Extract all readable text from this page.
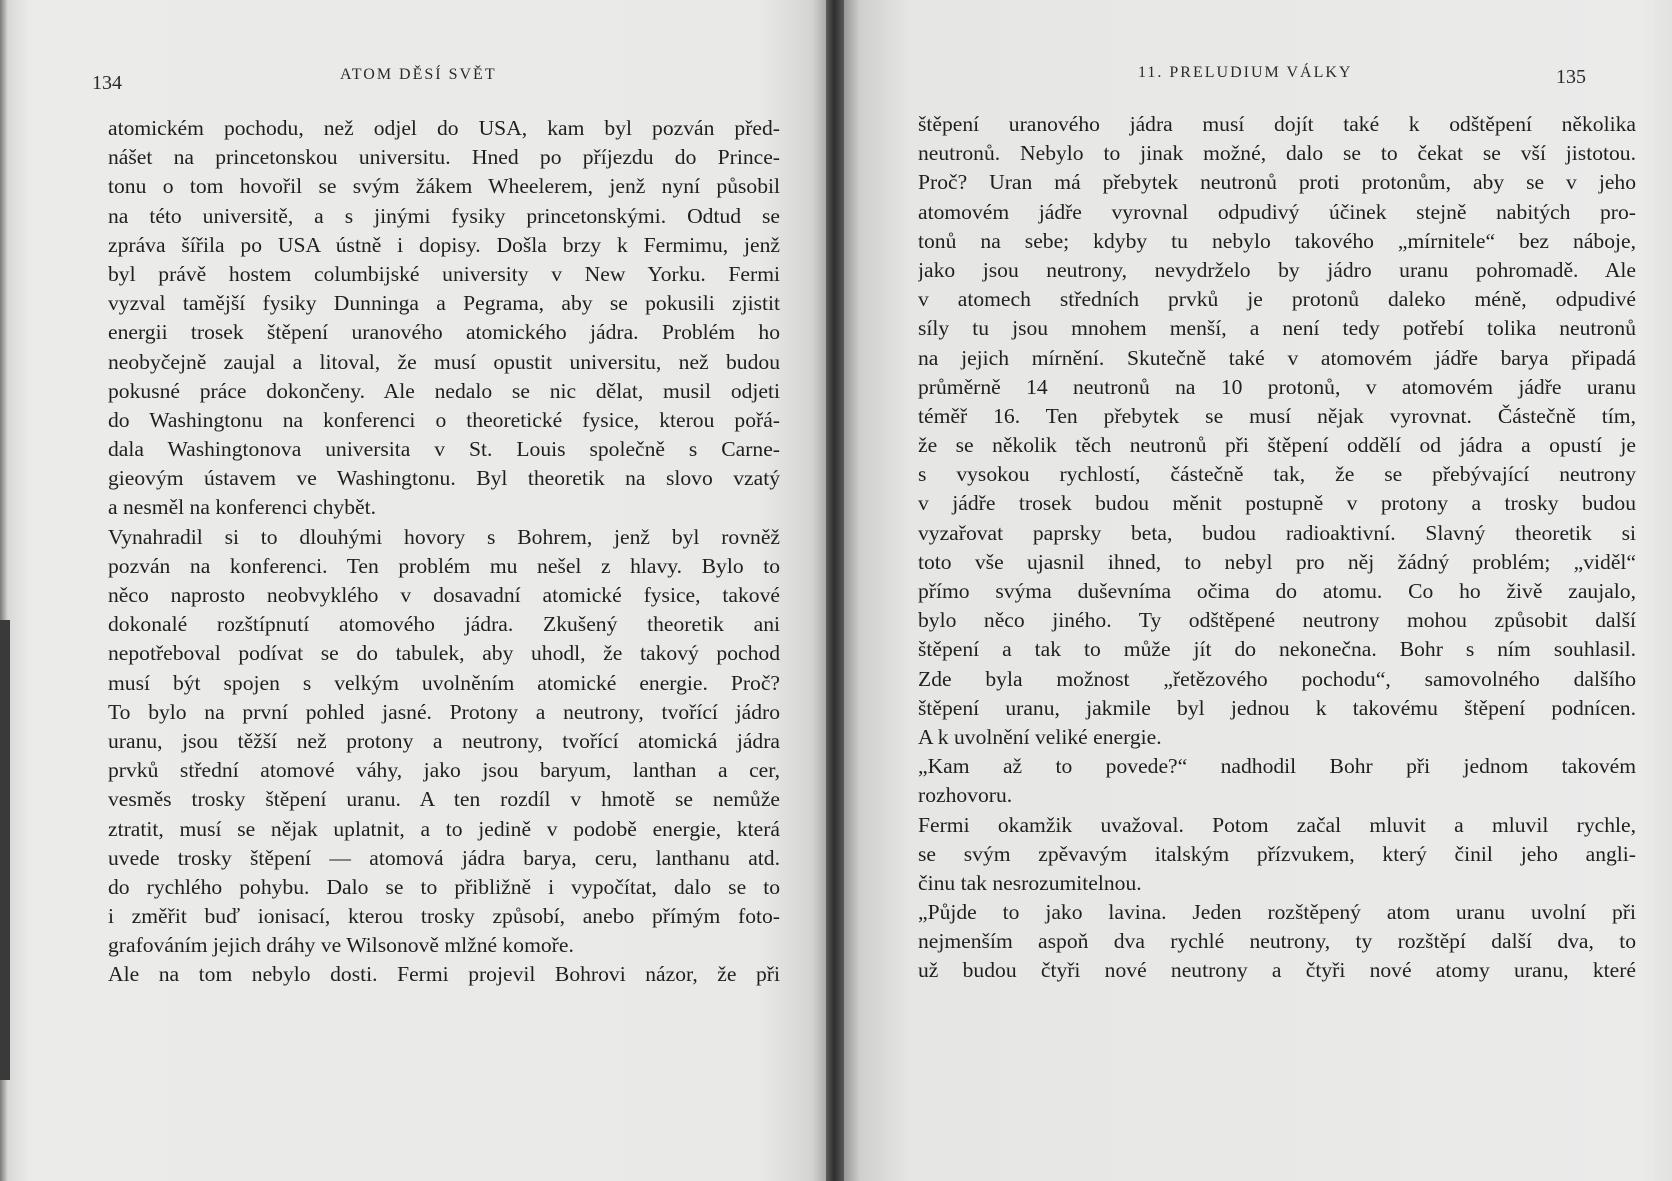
134	ATOM DĚSÍ SVĚT
atomickém pochodu, než odjel do USA, kam byl pozván před-
nášet na princetonskou universitu. Hned po příjezdu do Prince-
tonu o tom hovořil se svým žákem Wheelerem, jenž nyní působil
na této universitě, a s jinými fysiky princetonskými. Odtud se
zpráva šířila po USA ústně i dopisy. Došla brzy k Fermimu, jenž
byl právě hostem columbijské university v New Yorku. Fermi
vyzval tamější fysiky Dunninga a Pegrama, aby se pokusili zjistit
energii trosek štěpení uranového atomického jádra. Problém ho
neobyčejně zaujal a litoval, že musí opustit universitu, než budou
pokusné práce dokončeny. Ale nedalo se nic dělat, musil odjeti
do Washingtonu na konferenci o theoretické fysice, kterou pořá-
dala Washingtonova universita v St. Louis společně s Carne-
gieovým ústavem ve Washingtonu. Byl theoretik na slovo vzatý
a nesměl na konferenci chybět.
Vynahradil si to dlouhými hovory s Bohrem, jenž byl rovněž
pozván na konferenci. Ten problém mu nešel z hlavy. Bylo to
něco naprosto neobvyklého v dosavadní atomické fysice, takové
dokonalé rozštípnutí atomového jádra. Zkušený theoretik ani
nepotřeboval podívat se do tabulek, aby uhodl, že takový pochod
musí být spojen s velkým uvolněním atomické energie. Proč?
To bylo na první pohled jasné. Protony a neutrony, tvořící jádro
uranu, jsou těžší než protony a neutrony, tvořící atomická jádra
prvků střední atomové váhy, jako jsou baryum, lanthan a cer,
vesměs trosky štěpení uranu. A ten rozdíl v hmotě se nemůže
ztratit, musí se nějak uplatnit, a to jedině v podobě energie, která
uvede trosky štěpení — atomová jádra barya, ceru, lanthanu atd.
do rychlého pohybu. Dalo se to přibližně i vypočítat, dalo se to
i změřit buď ionisací, kterou trosky způsobí, anebo přímým foto-
grafováním jejich dráhy ve Wilsonově mlžné komoře.
Ale na tom nebylo dosti. Fermi projevil Bohrovi názor, že při
11. PRELUDIUM VÁLKY	135
štěpení uranového jádra musí dojít také k odštěpení několika
neutronů. Nebylo to jinak možné, dalo se to čekat se vší jistotou.
Proč? Uran má přebytek neutronů proti protonům, aby se v jeho
atomovém jádře vyrovnal odpudivý účinek stejně nabitých pro-
tonů na sebe; kdyby tu nebylo takového „mírnitele“ bez náboje,
jako jsou neutrony, nevydrželo by jádro uranu pohromadě. Ale
v atomech středních prvků je protonů daleko méně, odpudivé
síly tu jsou mnohem menší, a není tedy potřebí tolika neutronů
na jejich mírnění. Skutečně také v atomovém jádře barya připadá
průměrně 14 neutronů na 10 protonů, v atomovém jádře uranu
téměř 16. Ten přebytek se musí nějak vyrovnat. Částečně tím,
že se několik těch neutronů při štěpení oddělí od jádra a opustí je
s vysokou rychlostí, částečně tak, že se přebývající neutrony
v jádře trosek budou měnit postupně v protony a trosky budou
vyzařovat paprsky beta, budou radioaktivní. Slavný theoretik si
toto vše ujasnil ihned, to nebyl pro něj žádný problém; „viděl“
přímo svýma duševníma očima do atomu. Co ho živě zaujalo,
bylo něco jiného. Ty odštěpené neutrony mohou způsobit další
štěpení a tak to může jít do nekonečna. Bohr s ním souhlasil.
Zde byla možnost „řetězového pochodu“, samovolného dalšího
štěpení uranu, jakmile byl jednou k takovému štěpení podnícen.
A k uvolnění veliké energie.
„Kam až to povede?“ nadhodil Bohr při jednom takovém
rozhovoru.
Fermi okamžik uvažoval. Potom začal mluvit a mluvil rychle,
se svým zpěvavým italským přízvukem, který činil jeho angli-
činu tak nesrozumitelnou.
„Půjde to jako lavina. Jeden rozštěpený atom uranu uvolní při
nejmenším aspoň dva rychlé neutrony, ty rozštěpí další dva, to
už budou čtyři nové neutrony a čtyři nové atomy uranu, které
